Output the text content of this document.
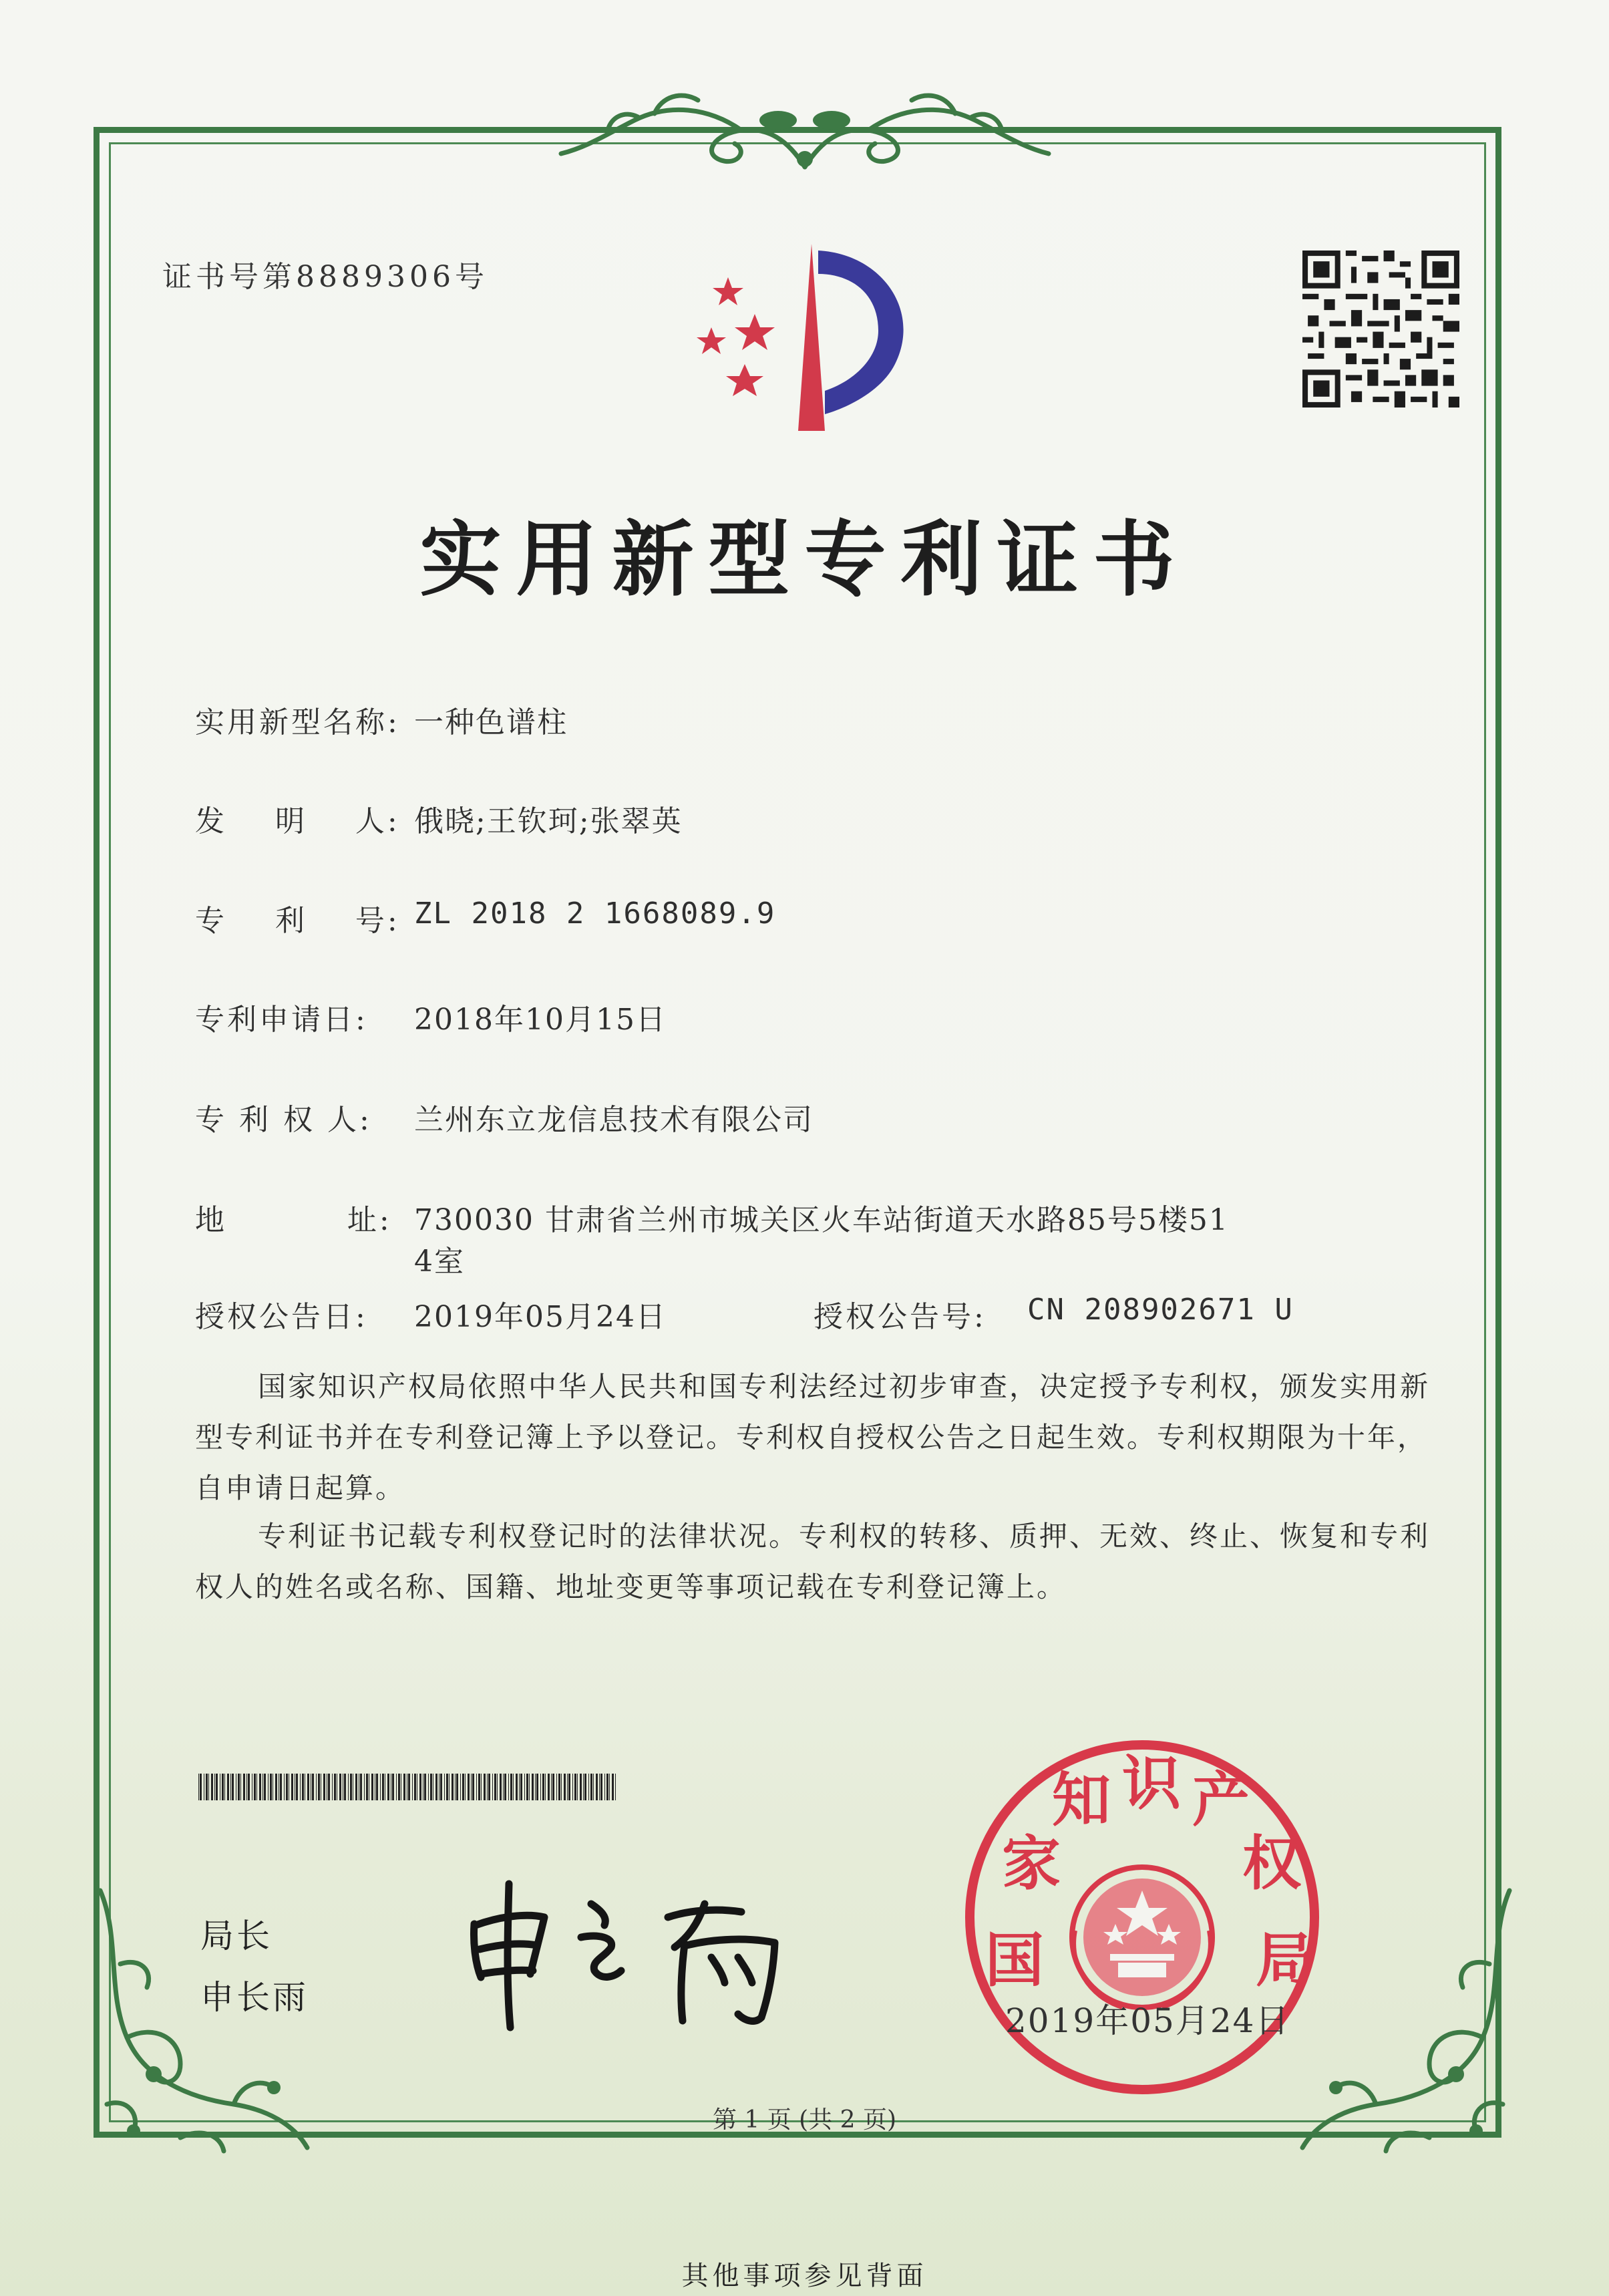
证书号第8889306号
实用新型专利证书
实用新型名称: 一种色谱柱
发    明    人: 俄晓;王钦珂;张翠英
专    利    号: ZL 2018 2 1668089.9
专利申请日: 2018年10月15日
专 利 权 人: 兰州东立龙信息技术有限公司
地          址: 730030 甘肃省兰州市城关区火车站街道天水路85号5楼51
4室
授权公告日: 2019年05月24日	授权公告号: CN 208902671 U
国家知识产权局依照中华人民共和国专利法经过初步审查，决定授予专利权，颁发实用新型专利证书并在专利登记簿上予以登记。专利权自授权公告之日起生效。专利权期限为十年，自申请日起算。
专利证书记载专利权登记时的法律状况。专利权的转移、质押、无效、终止、恢复和专利权人的姓名或名称、国籍、地址变更等事项记载在专利登记簿上。
局长
申长雨
国
家
知 识 产
权
局
2019年05月24日
第 1 页 (共 2 页)
其他事项参见背面
